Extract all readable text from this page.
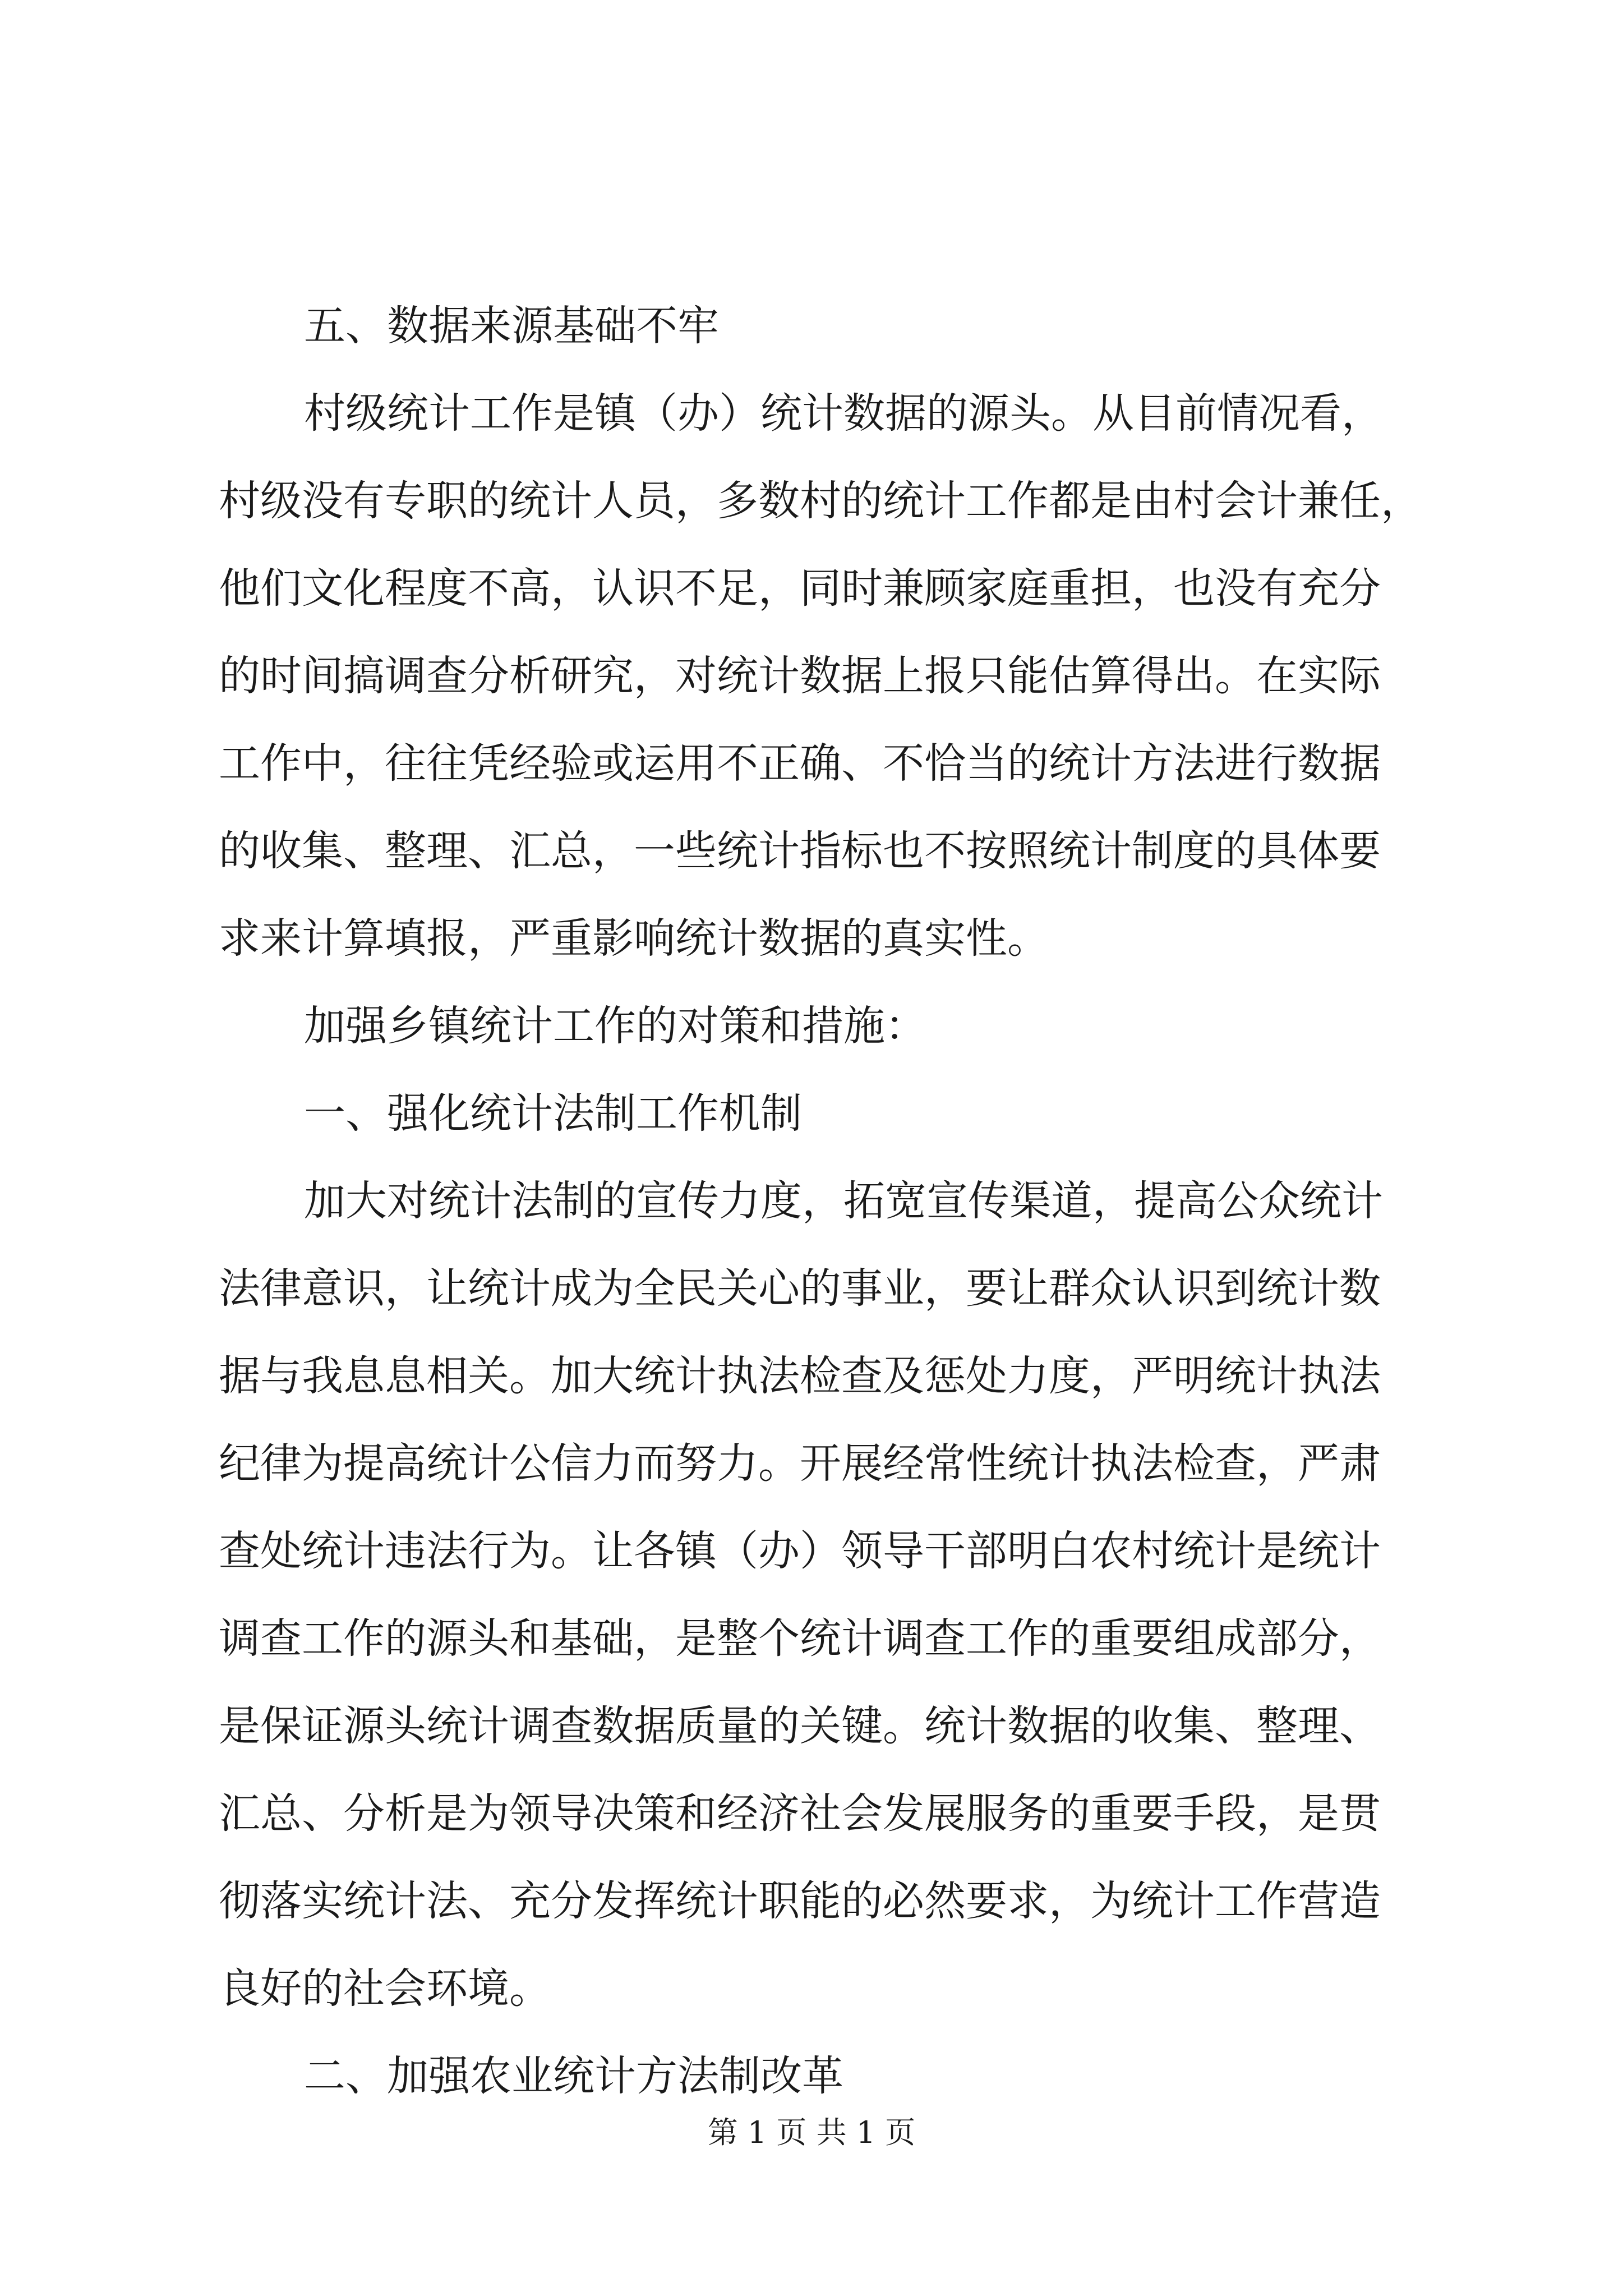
五、数据来源基础不牢

村级统计工作是镇（办）统计数据的源头。从目前情况看，

村级没有专职的统计人员，多数村的统计工作都是由村会计兼任，

他们文化程度不高，认识不足，同时兼顾家庭重担，也没有充分

的时间搞调查分析研究，对统计数据上报只能估算得出。在实际

工作中，往往凭经验或运用不正确、不恰当的统计方法进行数据

的收集、整理、汇总，一些统计指标也不按照统计制度的具体要

求来计算填报，严重影响统计数据的真实性。

加强乡镇统计工作的对策和措施：

一、强化统计法制工作机制

加大对统计法制的宣传力度，拓宽宣传渠道，提高公众统计

法律意识，让统计成为全民关心的事业，要让群众认识到统计数

据与我息息相关。加大统计执法检查及惩处力度，严明统计执法

纪律为提高统计公信力而努力。开展经常性统计执法检查，严肃

查处统计违法行为。让各镇（办）领导干部明白农村统计是统计

调查工作的源头和基础，是整个统计调查工作的重要组成部分，

是保证源头统计调查数据质量的关键。统计数据的收集、整理、

汇总、分析是为领导决策和经济社会发展服务的重要手段，是贯

彻落实统计法、充分发挥统计职能的必然要求，为统计工作营造

良好的社会环境。

二、加强农业统计方法制改革

第 1 页 共 1 页
